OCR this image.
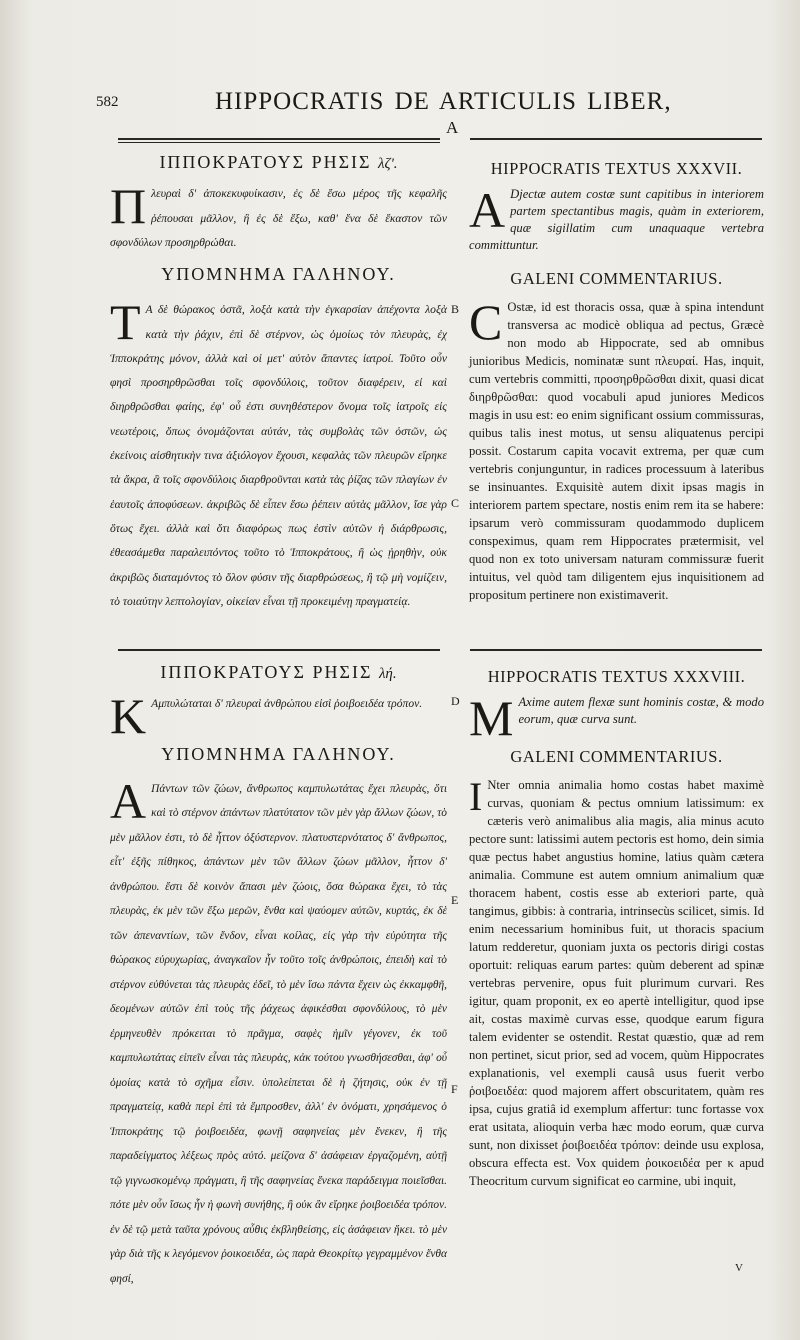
582	HIPPOCRATIS DE ARTICULIS LIBER,
A

ΙΠΠΟΚΡΑΤΟΥΣ ΡΗΣΙΣ λζ'.

Πλευραὶ δ' ἀποκεκυφυίκασιν, ἐς δὲ ἔσω μέρος τῆς κεφαλῆς ῥέπουσαι μᾶλλον, ἢ ἐς δὲ ἔξω, καθ' ἕνα δὲ ἕκαστον τῶν σφονδύλων προσηρθρώθαι.

ΥΠΟΜΝΗΜΑ ΓΑΛΗΝΟΥ.

Τ Α δὲ θώρακος ὀστᾶ, λοξὰ κατὰ τὴν ἐγκαρσίαν ἀπέχοντα λοξὰ κατὰ τὴν ῥάχιν, ἐπὶ δὲ στέρνον, ὡς ὁμοίως τὸν πλευρὰς, ἐχ Ἱπποκράτης μόνον, ἀλλὰ καὶ οἱ μετ' αὐτὸν ἅπαντες ἰατροί. Τοῦτο οὖν φησὶ προσηρθρῶσθαι τοῖς σφονδύλοις, τοῦτον διαφέρειν, εἰ καὶ διηρθρῶσθαι φαίης, ἐφ' οὗ ἐστι συνηθέστερον ὄνομα τοῖς ἰατροῖς εἰς νεωτέροις, ὅπως ὀνομάζονται αὐτάν, τὰς συμβολὰς τῶν ὀστῶν, ὡς ἐκείνοις αἰσθητικὴν τινα ἀξιόλογον ἔχουσι, κεφαλὰς τῶν πλευρῶν εἴρηκε τὰ ἄκρα, ἃ τοῖς σφονδύλοις διαρθροῦνται κατὰ τὰς ῥίζας τῶν πλαγίων ἐν ἑαυτοῖς ἀποφύσεων. ἀκριβῶς δὲ εἶπεν ἔσω ῥέπειν αὐτὰς μᾶλλον, ἴσε γὰρ ὅτως ἔχει. ἀλλὰ καὶ ὅτι διαφόρως πως ἐστὶν αὐτῶν ἡ διάρθρωσις, ἐθεασάμεθα παραλειπόντος τοῦτο τὸ Ἱπποκράτους, ἢ ὡς ᾐρηθὴν, οὐκ ἀκριβῶς διαταμόντος τὸ ὅλον φύσιν τῆς διαρθρώσεως, ἢ τῷ μὴ νομίζειν, τὸ τοιαύτην λεπτολογίαν, οἰκείαν εἶναι τῇ προκειμένῃ πραγματείᾳ.

ΙΠΠΟΚΡΑΤΟΥΣ ΡΗΣΙΣ λή.

Κ Αμπυλώταται δ' πλευραὶ ἀνθρώπου εἰσὶ ῥοιβοειδέα τρόπον.

ΥΠΟΜΝΗΜΑ ΓΑΛΗΝΟΥ.

Α Πάντων τῶν ζώων, ἄνθρωπος καμπυλωτάτας ἔχει πλευρὰς, ὅτι καὶ τὸ στέρνον ἀπάντων πλατύτατον τῶν μὲν γὰρ ἄλλων ζώων, τὸ μὲν μᾶλλον ἐστι, τὸ δὲ ἧττον ὀξύστερνον. πλατυστερνότατος δ' ἄνθρωπος, εἶτ' ἐξῆς πίθηκος, ἁπάντων μὲν τῶν ἄλλων ζώων μᾶλλον, ἧττον δ' ἀνθρώπου. ἔστι δὲ κοινὸν ἅπασι μὲν ζώοις, ὅσα θώρακα ἔχει, τὸ τὰς πλευρὰς, ἐκ μὲν τῶν ἔξω μερῶν, ἔνθα καὶ ψαύομεν αὐτῶν, κυρτάς, ἐκ δὲ τῶν ἀπεναντίων, τῶν ἔνδον, εἶναι κοίλας, εἰς γὰρ τὴν εὐρύτητα τῆς θώρακος εὐρυχωρίας, ἀναγκαῖον ἦν τοῦτο τοῖς ἀνθρώποις, ἐπειδὴ καὶ τὸ στέρνον εὐθύνεται τὰς πλευρὰς ἐδεῖ, τὸ μὲν ἴσω πάντα ἔχειν ὡς ἐκκαμφθῆ, δεομένων αὐτῶν ἐπὶ τοὺς τῆς ῥάχεως ἀφικέσθαι σφονδύλους, τὸ μὲν ἐρμηνευθὲν πρόκειται τὸ πρᾶγμα, σαφὲς ἡμῖν γέγονεν, ἐκ τοῦ καμπυλωτάτας εἰπεῖν εἶναι τὰς πλευρὰς, κἀκ τούτου γνωσθήσεσθαι, ἀφ' οὗ ὁμοίας κατὰ τὸ σχῆμα εἶσιν. ὑπολείπεται δὲ ἡ ζήτησις, οὐκ ἐν τῇ πραγματείᾳ, καθὰ περὶ ἐπὶ τὰ ἔμπροσθεν, ἀλλ' ἐν ὀνόματι, χρησάμενος ὁ Ἱπποκράτης τῷ ῥοιβοειδέα, φωνῇ σαφηνείας μὲν ἕνεκεν, ἢ τῆς παραδείγματος λέξεως πρὸς αὐτό. μείζονα δ' ἀσάφειαν ἐργαζομένη, αὐτῇ τῷ γιγνωσκομένῳ πράγματι, ἢ τῆς σαφηνείας ἕνεκα παράδειγμα ποιεῖσθαι. πότε μὲν οὖν ἴσως ἦν ἡ φωνὴ συνήθης, ἢ οὐκ ἂν εἴρηκε ῥοιβοειδέα τρόπον. ἐν δὲ τῷ μετὰ ταῦτα χρόνους αὖθις ἐκβληθείσης, εἰς ἀσάφειαν ἥκει. τὸ μὲν γὰρ διὰ τῆς κ λεγόμενον ῥοικοειδέα, ὡς παρὰ Θεοκρίτῳ γεγραμμένον ἔνθα φησί,

HIPPOCRATIS TEXTUS XXXVII.

A Djectæ autem costæ sunt capitibus in interiorem partem spectantibus magis, quàm in exteriorem, quæ sigillatim cum unaquaque vertebra committuntur.

GALENI COMMENTARIUS.

C Ostæ, id est thoracis ossa, quæ à spina intendunt transversa ac modicè obliqua ad pectus, Græcè non modo ab Hippocrate, sed ab omnibus junioribus Medicis, nominatæ sunt πλευραί. Has, inquit, cum vertebris committi, προσηρθρῶσθαι dixit, quasi dicat διηρθρῶσθαι: quod vocabuli apud juniores Medicos magis in usu est: eo enim significant ossium commissuras, quibus talis inest motus, ut sensu aliquatenus percipi possit. Costarum capita vocavit extrema, per quæ cum vertebris conjunguntur, in radices processuum à lateribus se insinuantes. Exquisitè autem dixit ipsas magis in interiorem partem spectare, nostis enim rem ita se habere: ipsarum verò commissuram quodammodo duplicem conspeximus, quam rem Hippocrates prætermisit, vel quod non ex toto universam naturam commissuræ fuerit intuitus, vel quòd tam diligentem ejus inquisitionem ad propositum pertinere non existimaverit.

HIPPOCRATIS TEXTUS XXXVIII.

M Axime autem flexæ sunt hominis costæ, & modo eorum, quæ curva sunt.

GALENI COMMENTARIUS.

I Nter omnia animalia homo costas habet maximè curvas, quoniam & pectus omnium latissimum: ex cæteris verò animalibus alia magis, alia minus acuto pectore sunt: latissimi autem pectoris est homo, dein simia quæ pectus habet angustius homine, latius quàm cætera animalia. Commune est autem omnium animalium quæ thoracem habent, costis esse ab exteriori parte, quà tangimus, gibbis: à contraria, intrinsecùs scilicet, simis. Id enim necessarium hominibus fuit, ut thoracis spacium latum redderetur, quoniam juxta os pectoris dirigi costas oportuit: reliquas earum partes: quùm deberent ad spinæ vertebras pervenire, opus fuit plurimum curvari. Res igitur, quam proponit, ex eo apertè intelligitur, quod ipse ait, costas maximè curvas esse, quodque earum figura talem evidenter se ostendit. Restat quæstio, quæ ad rem non pertinet, sicut prior, sed ad vocem, quùm Hippocrates explanationis, vel exempli causâ usus fuerit verbo ῥοιβοειδέα: quod majorem affert obscuritatem, quàm res ipsa, cujus gratiâ id exemplum affertur: tunc fortasse vox erat usitata, alioquin verba hæc modo eorum, quæ curva sunt, non dixisset ῥοιβοειδέα τρόπον: deinde usu explosa, obscura effecta est. Vox quidem ῥοικοειδέα per κ apud Theocritum curvum significat eo carmine, ubi inquit,

B
C
D
E
F
V
